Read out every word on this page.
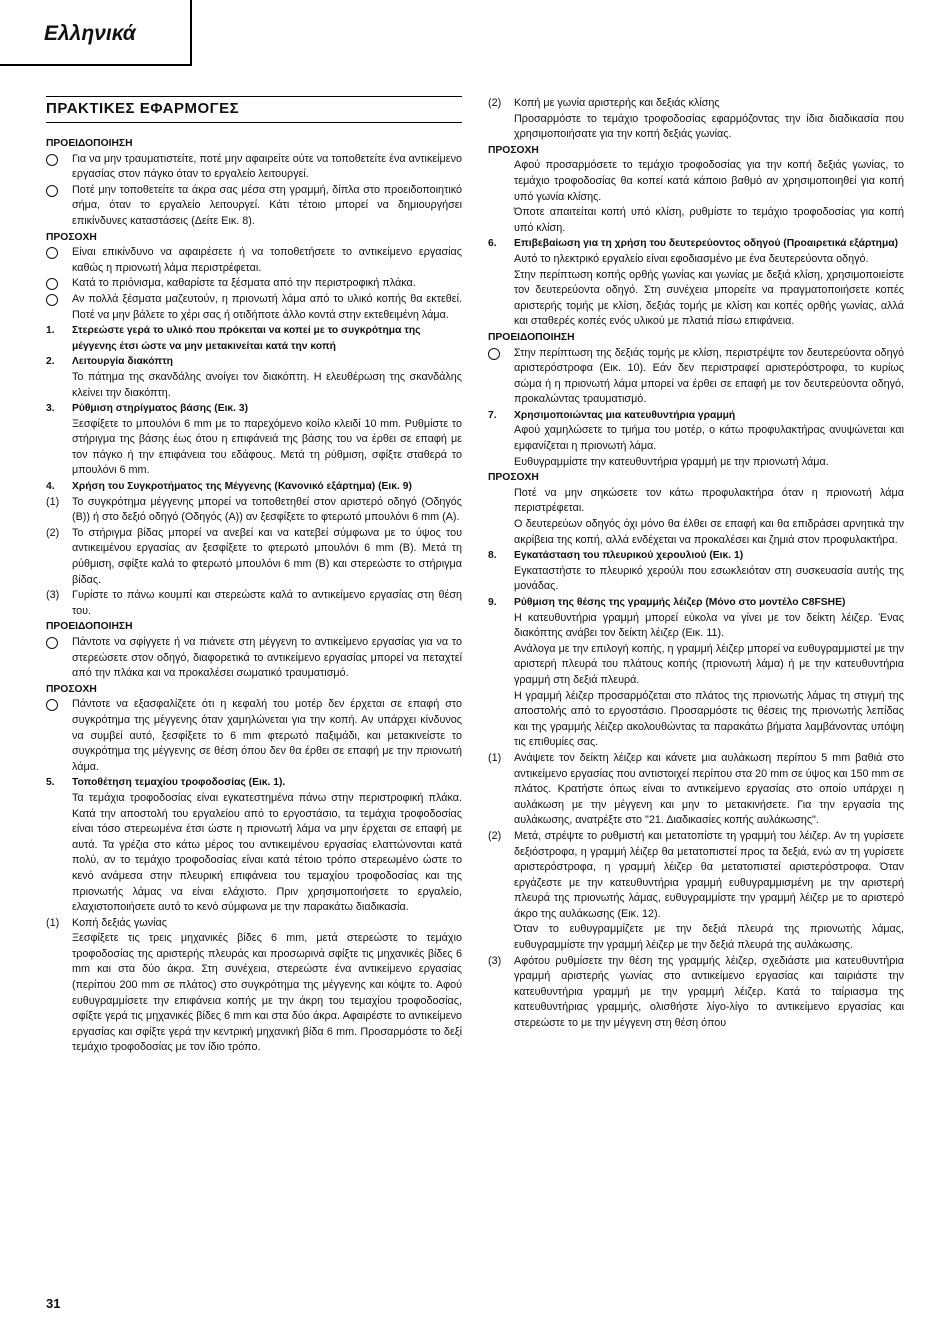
Ελληνικά
ΠΡΑΚΤΙΚΕΣ ΕΦΑΡΜΟΓΕΣ

ΠΡΟΕΙΔΟΠΟΙΗΣΗ

Για να μην τραυματιστείτε, ποτέ μην αφαιρείτε ούτε να τοποθετείτε ένα αντικείμενο εργασίας στον πάγκο όταν το εργαλείο λειτουργεί.

Ποτέ μην τοποθετείτε τα άκρα σας μέσα στη γραμμή, δίπλα στο προειδοποιητικό σήμα, όταν το εργαλείο λειτουργεί. Κάτι τέτοιο μπορεί να δημιουργήσει επικίνδυνες καταστάσεις (Δείτε Εικ. 8).

ΠΡΟΣΟΧΗ

Είναι επικίνδυνο να αφαιρέσετε ή να τοποθετήσετε το αντικείμενο εργασίας καθώς η πριονωτή λάμα περιστρέφεται.

Κατά το πριόνισμα, καθαρίστε τα ξέσματα από την περιστροφική πλάκα.

Αν πολλά ξέσματα μαζευτούν, η πριονωτή λάμα από το υλικό κοπής θα εκτεθεί. Ποτέ να μην βάλετε το χέρι σας ή οτιδήποτε άλλο κοντά στην εκτεθειμένη λάμα.

1. Στερεώστε γερά το υλικό που πρόκειται να κοπεί με το συγκρότημα της μέγγενης έτσι ώστε να μην μετακινείται κατά την κοπή

2. Λειτουργία διακόπτη

Το πάτημα της σκανδάλης ανοίγει τον διακόπτη. Η ελευθέρωση της σκανδάλης κλείνει την διακόπτη.

3. Ρύθμιση στηρίγματος βάσης (Εικ. 3)

Ξεσφίξετε το μπουλόνι 6 mm με το παρεχόμενο κοίλο κλειδί 10 mm. Ρυθμίστε το στήριγμα της βάσης έως ότου η επιφάνειά της βάσης του να έρθει σε επαφή με τον πάγκο ή την επιφάνεια του εδάφους. Μετά τη ρύθμιση, σφίξτε σταθερά το μπουλόνι 6 mm.

4. Χρήση του Συγκροτήματος της Μέγγενης (Κανονικό εξάρτημα) (Εικ. 9)

(1) Το συγκρότημα μέγγενης μπορεί να τοποθετηθεί στον αριστερό οδηγό (Οδηγός (B)) ή στο δεξιό οδηγό (Οδηγός (A)) αν ξεσφίξετε το φτερωτό μπουλόνι 6 mm (A).

(2) Το στήριγμα βίδας μπορεί να ανεβεί και να κατεβεί σύμφωνα με το ύψος του αντικειμένου εργασίας αν ξεσφίξετε το φτερωτό μπουλόνι 6 mm (B). Μετά τη ρύθμιση, σφίξτε καλά το φτερωτό μπουλόνι 6 mm (B) και στερεώστε το στήριγμα βίδας.

(3) Γυρίστε το πάνω κουμπί και στερεώστε καλά το αντικείμενο εργασίας στη θέση του.

ΠΡΟΕΙΔΟΠΟΙΗΣΗ

Πάντοτε να σφίγγετε ή να πιάνετε στη μέγγενη το αντικείμενο εργασίας για να το στερεώσετε στον οδηγό, διαφορετικά το αντικείμενο εργασίας μπορεί να πεταχτεί από την πλάκα και να προκαλέσει σωματικό τραυματισμό.

ΠΡΟΣΟΧΗ

Πάντοτε να εξασφαλίζετε ότι η κεφαλή του μοτέρ δεν έρχεται σε επαφή στο συγκρότημα της μέγγενης όταν χαμηλώνεται για την κοπή. Αν υπάρχει κίνδυνος να συμβεί αυτό, ξεσφίξετε το 6 mm φτερωτό παξιμάδι, και μετακινείστε το συγκρότημα της μέγγενης σε θέση όπου δεν θα έρθει σε επαφή με την πριονωτή λάμα.

5. Τοποθέτηση τεμαχίου τροφοδοσίας (Εικ. 1).

Τα τεμάχια τροφοδοσίας είναι εγκατεστημένα πάνω στην περιστροφική πλάκα. Κατά την αποστολή του εργαλείου από το εργοστάσιο, τα τεμάχια τροφοδοσίας είναι τόσο στερεωμένα έτσι ώστε η πριονωτή λάμα να μην έρχεται σε επαφή με αυτά. Τα γρέζια στο κάτω μέρος του αντικειμένου εργασίας ελαττώνονται κατά πολύ, αν το τεμάχιο τροφοδοσίας είναι κατά τέτοιο τρόπο στερεωμένο ώστε το κενό ανάμεσα στην πλευρική επιφάνεια του τεμαχίου τροφοδοσίας και της πριονωτής λάμας να είναι ελάχιστο. Πριν χρησιμοποιήσετε το εργαλείο, ελαχιστοποιήσετε αυτό το κενό σύμφωνα με την παρακάτω διαδικασία.

(1) Κοπή δεξιάς γωνίας

Ξεσφίξετε τις τρεις μηχανικές βίδες 6 mm, μετά στερεώστε το τεμάχιο τροφοδοσίας της αριστερής πλευράς και προσωρινά σφίξτε τις μηχανικές βίδες 6 mm και στα δύο άκρα. Στη συνέχεια, στερεώστε ένα αντικείμενο εργασίας (περίπου 200 mm σε πλάτος) στο συγκρότημα της μέγγενης και κόψτε το. Αφού ευθυγραμμίσετε την επιφάνεια κοπής με την άκρη του τεμαχίου τροφοδοσίας, σφίξτε γερά τις μηχανικές βίδες 6 mm και στα δύο άκρα. Αφαιρέστε το αντικείμενο εργασίας και σφίξτε γερά την κεντρική μηχανική βίδα 6 mm. Προσαρμόστε το δεξί τεμάχιο τροφοδοσίας με τον ίδιο τρόπο.

(2) Κοπή με γωνία αριστερής και δεξιάς κλίσης

Προσαρμόστε το τεμάχιο τροφοδοσίας εφαρμόζοντας την ίδια διαδικασία που χρησιμοποιήσατε για την κοπή δεξιάς γωνίας.

ΠΡΟΣΟΧΗ

Αφού προσαρμόσετε το τεμάχιο τροφοδοσίας για την κοπή δεξιάς γωνίας, το τεμάχιο τροφοδοσίας θα κοπεί κατά κάποιο βαθμό αν χρησιμοποιηθεί για κοπή υπό γωνία κλίσης.

Όποτε απαιτείται κοπή υπό κλίση, ρυθμίστε το τεμάχιο τροφοδοσίας για κοπή υπό κλίση.

6. Επιβεβαίωση για τη χρήση του δευτερεύοντος οδηγού (Προαιρετικά εξάρτημα)

Αυτό το ηλεκτρικό εργαλείο είναι εφοδιασμένο με ένα δευτερεύοντα οδηγό.

Στην περίπτωση κοπής ορθής γωνίας και γωνίας με δεξιά κλίση, χρησιμοποιείστε τον δευτερεύοντα οδηγό. Στη συνέχεια μπορείτε να πραγματοποιήσετε κοπές αριστερής τομής με κλίση, δεξιάς τομής με κλίση και κοπές ορθής γωνίας, αλλά και σταθερές κοπές ενός υλικού με πλατιά πίσω επιφάνεια.

ΠΡΟΕΙΔΟΠΟΙΗΣΗ

Στην περίπτωση της δεξιάς τομής με κλίση, περιστρέψτε τον δευτερεύοντα οδηγό αριστερόστροφα (Εικ. 10). Εάν δεν περιστραφεί αριστερόστροφα, το κυρίως σώμα ή η πριονωτή λάμα μπορεί να έρθει σε επαφή με τον δευτερεύοντα οδηγό, προκαλώντας τραυματισμό.

7. Χρησιμοποιώντας μια κατευθυντήρια γραμμή

Αφού χαμηλώσετε το τμήμα του μοτέρ, ο κάτω προφυλακτήρας ανυψώνεται και εμφανίζεται η πριονωτή λάμα.

Ευθυγραμμίστε την κατευθυντήρια γραμμή με την πριονωτή λάμα.

ΠΡΟΣΟΧΗ

Ποτέ να μην σηκώσετε τον κάτω προφυλακτήρα όταν η πριονωτή λάμα περιστρέφεται.

Ο δευτερεύων οδηγός όχι μόνο θα έλθει σε επαφή και θα επιδράσει αρνητικά την ακρίβεια της κοπή, αλλά ενδέχεται να προκαλέσει και ζημιά στον προφυλακτήρα.

8. Εγκατάσταση του πλευρικού χερουλιού (Εικ. 1)

Εγκαταστήστε το πλευρικό χερούλι που εσωκλειόταν στη συσκευασία αυτής της μονάδας.

9. Ρύθμιση της θέσης της γραμμής λέιζερ (Μόνο στο μοντέλο C8FSHE)

Η κατευθυντήρια γραμμή μπορεί εύκολα να γίνει με τον δείκτη λέιζερ. Ένας διακόπτης ανάβει τον δείκτη λέιζερ (Εικ. 11).

Ανάλογα με την επιλογή κοπής, η γραμμή λέιζερ μπορεί να ευθυγραμμιστεί με την αριστερή πλευρά του πλάτους κοπής (πριονωτή λάμα) ή με την κατευθυντήρια γραμμή στη δεξιά πλευρά.

Η γραμμή λέιζερ προσαρμόζεται στο πλάτος της πριονωτής λάμας τη στιγμή της αποστολής από το εργοστάσιο. Προσαρμόστε τις θέσεις της πριονωτής λεπίδας και της γραμμής λέιζερ ακολουθώντας τα παρακάτω βήματα λαμβάνοντας υπόψη τις επιθυμίες σας.

(1) Ανάψετε τον δείκτη λέιζερ και κάνετε μια αυλάκωση περίπου 5 mm βαθιά στο αντικείμενο εργασίας που αντιστοιχεί περίπου στα 20 mm σε ύψος και 150 mm σε πλάτος. Κρατήστε όπως είναι το αντικείμενο εργασίας στο οποίο υπάρχει η αυλάκωση με την μέγγενη και μην το μετακινήσετε. Για την εργασία της αυλάκωσης, ανατρέξτε στο "21. Διαδικασίες κοπής αυλάκωσης".

(2) Μετά, στρέψτε το ρυθμιστή και μετατοπίστε τη γραμμή του λέιζερ. Αν τη γυρίσετε δεξιόστροφα, η γραμμή λέιζερ θα μετατοπιστεί προς τα δεξιά, ενώ αν τη γυρίσετε αριστερόστροφα, η γραμμή λέιζερ θα μετατοπιστεί αριστερόστροφα. Όταν εργάζεστε με την κατευθυντήρια γραμμή ευθυγραμμισμένη με την αριστερή πλευρά της πριονωτής λάμας, ευθυγραμμίστε την γραμμή λέιζερ με το αριστερό άκρο της αυλάκωσης (Εικ. 12).

Όταν το ευθυγραμμίζετε με την δεξιά πλευρά της πριονωτής λάμας, ευθυγραμμίστε την γραμμή λέιζερ με την δεξιά πλευρά της αυλάκωσης.

(3) Αφότου ρυθμίσετε την θέση της γραμμής λέιζερ, σχεδιάστε μια κατευθυντήρια γραμμή αριστερής γωνίας στο αντικείμενο εργασίας και ταιριάστε την κατευθυντήρια γραμμή με την γραμμή λέιζερ. Κατά το ταίριασμα της κατευθυντήριας γραμμής, ολισθήστε λίγο-λίγο το αντικείμενο εργασίας και στερεώστε το με την μέγγενη στη θέση όπου

31
